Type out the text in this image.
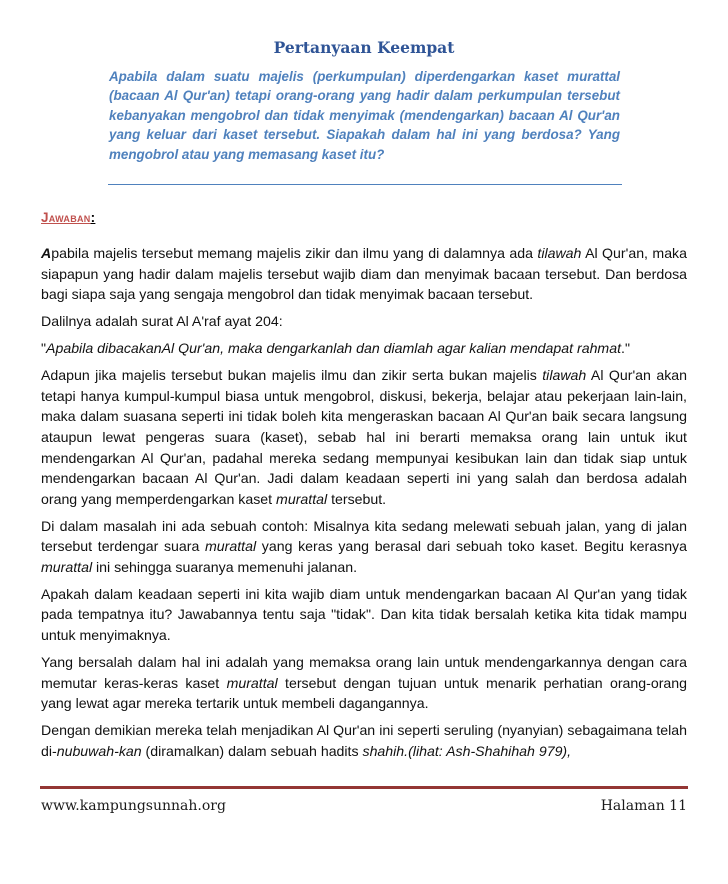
Pertanyaan Keempat

Apabila dalam suatu majelis (perkumpulan) diperdengarkan kaset murattal (bacaan Al Qur'an) tetapi orang-orang yang hadir dalam perkumpulan tersebut kebanyakan mengobrol dan tidak menyimak (mendengarkan) bacaan Al Qur'an yang keluar dari kaset tersebut. Siapakah dalam hal ini yang berdosa? Yang mengobrol atau yang memasang kaset itu?

Jawaban:

Apabila majelis tersebut memang majelis zikir dan ilmu yang di dalamnya ada tilawah Al Qur'an, maka siapapun yang hadir dalam majelis tersebut wajib diam dan menyimak bacaan tersebut. Dan berdosa bagi siapa saja yang sengaja mengobrol dan tidak menyimak bacaan tersebut.

Dalilnya adalah surat Al A'raf ayat 204:

"Apabila dibacakanAl Qur'an, maka dengarkanlah dan diamlah agar kalian mendapat rahmat."

Adapun jika majelis tersebut bukan majelis ilmu dan zikir serta bukan majelis tilawah Al Qur'an akan tetapi hanya kumpul-kumpul biasa untuk mengobrol, diskusi, bekerja, belajar atau pekerjaan lain-lain, maka dalam suasana seperti ini tidak boleh kita mengeraskan bacaan Al Qur'an baik secara langsung ataupun lewat pengeras suara (kaset), sebab hal ini berarti memaksa orang lain untuk ikut mendengarkan Al Qur'an, padahal mereka sedang mempunyai kesibukan lain dan tidak siap untuk mendengarkan bacaan Al Qur'an. Jadi dalam keadaan seperti ini yang salah dan berdosa adalah orang yang memperdengarkan kaset murattal tersebut.

Di dalam masalah ini ada sebuah contoh: Misalnya kita sedang melewati sebuah jalan, yang di jalan tersebut terdengar suara murattal yang keras yang berasal dari sebuah toko kaset. Begitu kerasnya murattal ini sehingga suaranya memenuhi jalanan.

Apakah dalam keadaan seperti ini kita wajib diam untuk mendengarkan bacaan Al Qur'an yang tidak pada tempatnya itu? Jawabannya tentu saja "tidak". Dan kita tidak bersalah ketika kita tidak mampu untuk menyimaknya.

Yang bersalah dalam hal ini adalah yang memaksa orang lain untuk mendengarkannya dengan cara memutar keras-keras kaset murattal tersebut dengan tujuan untuk menarik perhatian orang-orang yang lewat agar mereka tertarik untuk membeli dagangannya.

Dengan demikian mereka telah menjadikan Al Qur'an ini seperti seruling (nyanyian) sebagaimana telah di-nubuwah-kan (diramalkan) dalam sebuah hadits shahih.(lihat: Ash-Shahihah 979),

www.kampungsunnah.org	Halaman 11
